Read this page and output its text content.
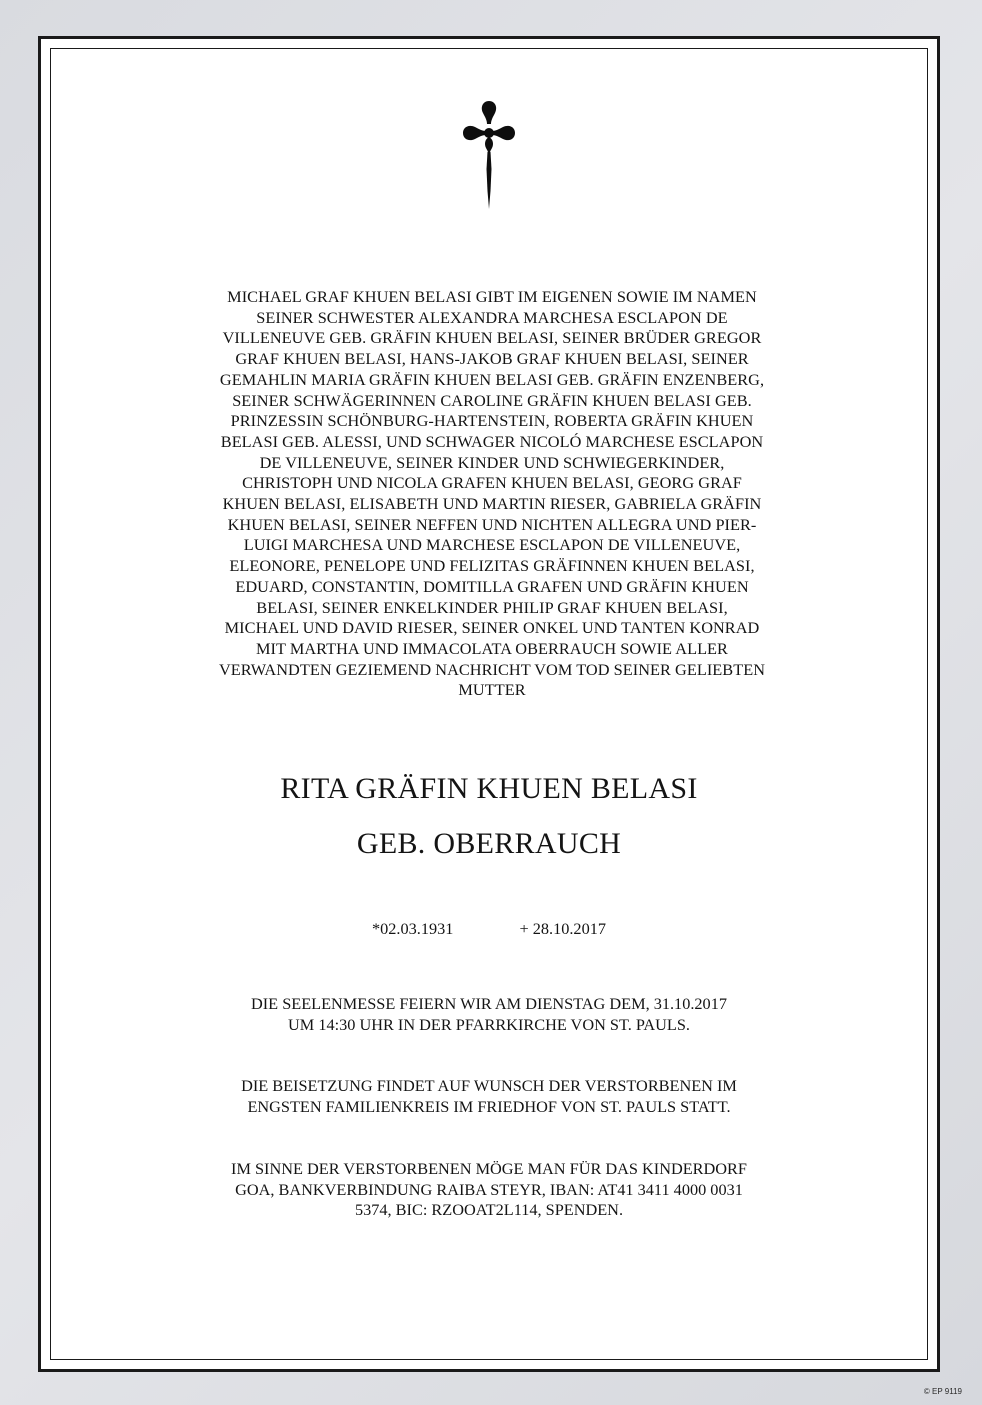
MICHAEL GRAF KHUEN BELASI GIBT IM EIGENEN SOWIE IM NAMEN
SEINER SCHWESTER ALEXANDRA MARCHESA ESCLAPON DE
VILLENEUVE GEB. GRÄFIN KHUEN BELASI, SEINER BRÜDER GREGOR
GRAF KHUEN BELASI, HANS-JAKOB GRAF KHUEN BELASI, SEINER
GEMAHLIN MARIA GRÄFIN KHUEN BELASI GEB. GRÄFIN ENZENBERG,
SEINER SCHWÄGERINNEN CAROLINE GRÄFIN KHUEN BELASI GEB.
PRINZESSIN SCHÖNBURG-HARTENSTEIN, ROBERTA GRÄFIN KHUEN
BELASI GEB. ALESSI, UND SCHWAGER NICOLÓ MARCHESE ESCLAPON
DE VILLENEUVE, SEINER KINDER UND SCHWIEGERKINDER,
CHRISTOPH UND NICOLA GRAFEN KHUEN BELASI, GEORG GRAF
KHUEN BELASI, ELISABETH UND MARTIN RIESER, GABRIELA GRÄFIN
KHUEN BELASI, SEINER NEFFEN UND NICHTEN ALLEGRA UND PIER-
LUIGI MARCHESA UND MARCHESE ESCLAPON DE VILLENEUVE,
ELEONORE, PENELOPE UND FELIZITAS GRÄFINNEN KHUEN BELASI,
EDUARD, CONSTANTIN, DOMITILLA GRAFEN UND GRÄFIN KHUEN
BELASI, SEINER ENKELKINDER PHILIP GRAF KHUEN BELASI,
MICHAEL UND DAVID RIESER, SEINER ONKEL UND TANTEN KONRAD
MIT MARTHA UND IMMACOLATA OBERRAUCH SOWIE ALLER
VERWANDTEN GEZIEMEND NACHRICHT VOM TOD SEINER GELIEBTEN
MUTTER
RITA GRÄFIN KHUEN BELASI
GEB. OBERRAUCH
*02.03.1931	+ 28.10.2017
DIE SEELENMESSE FEIERN WIR AM DIENSTAG DEM, 31.10.2017
UM 14:30 UHR IN DER PFARRKIRCHE VON ST. PAULS.
DIE BEISETZUNG FINDET AUF WUNSCH DER VERSTORBENEN IM
ENGSTEN FAMILIENKREIS IM FRIEDHOF VON ST. PAULS STATT.
IM SINNE DER VERSTORBENEN MÖGE MAN FÜR DAS KINDERDORF
GOA, BANKVERBINDUNG RAIBA STEYR, IBAN: AT41 3411 4000 0031
5374, BIC: RZOOAT2L114, SPENDEN.
© EP 9119
